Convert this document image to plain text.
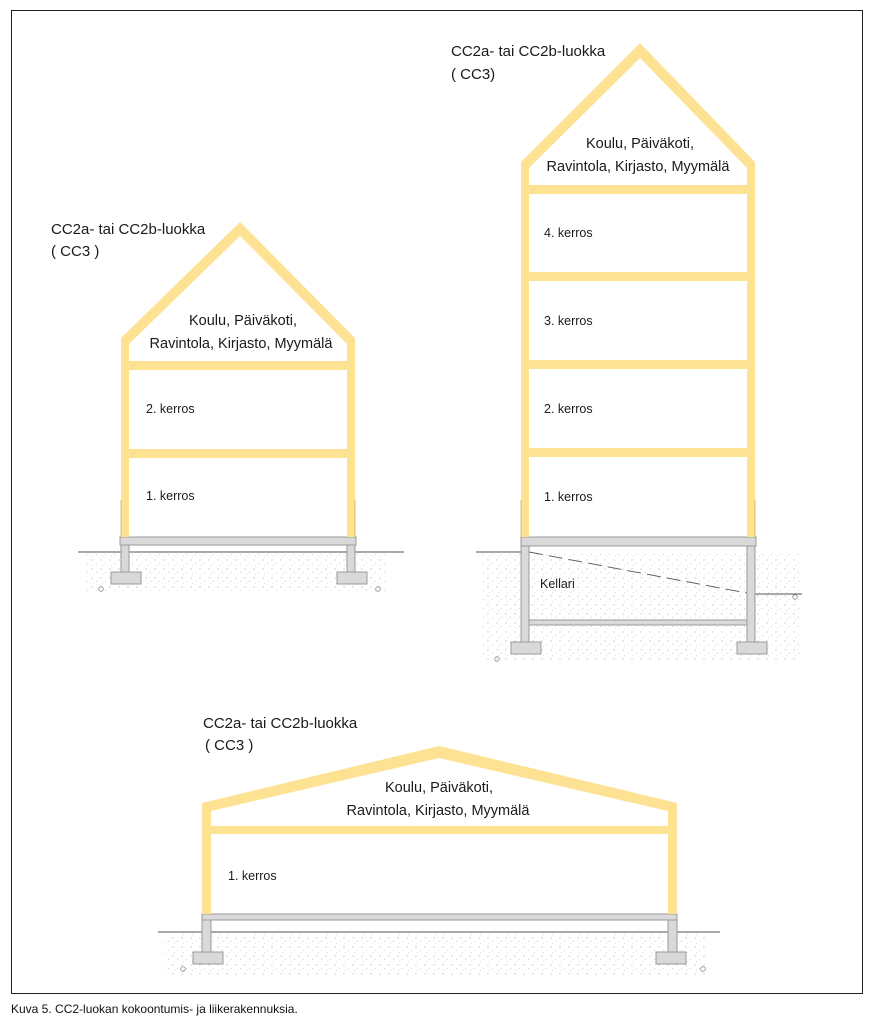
CC2a- tai CC2b-luokka
( CC3 )
Koulu, Päiväkoti,
Ravintola, Kirjasto, Myymälä
2. kerros
1. kerros
CC2a- tai CC2b-luokka
( CC3)
Koulu, Päiväkoti,
Ravintola, Kirjasto, Myymälä
4. kerros
3. kerros
2. kerros
1. kerros
Kellari
CC2a- tai CC2b-luokka
( CC3 )
Koulu, Päiväkoti,
Ravintola, Kirjasto, Myymälä
1. kerros
Kuva 5. CC2-luokan kokoontumis- ja liikerakennuksia.
